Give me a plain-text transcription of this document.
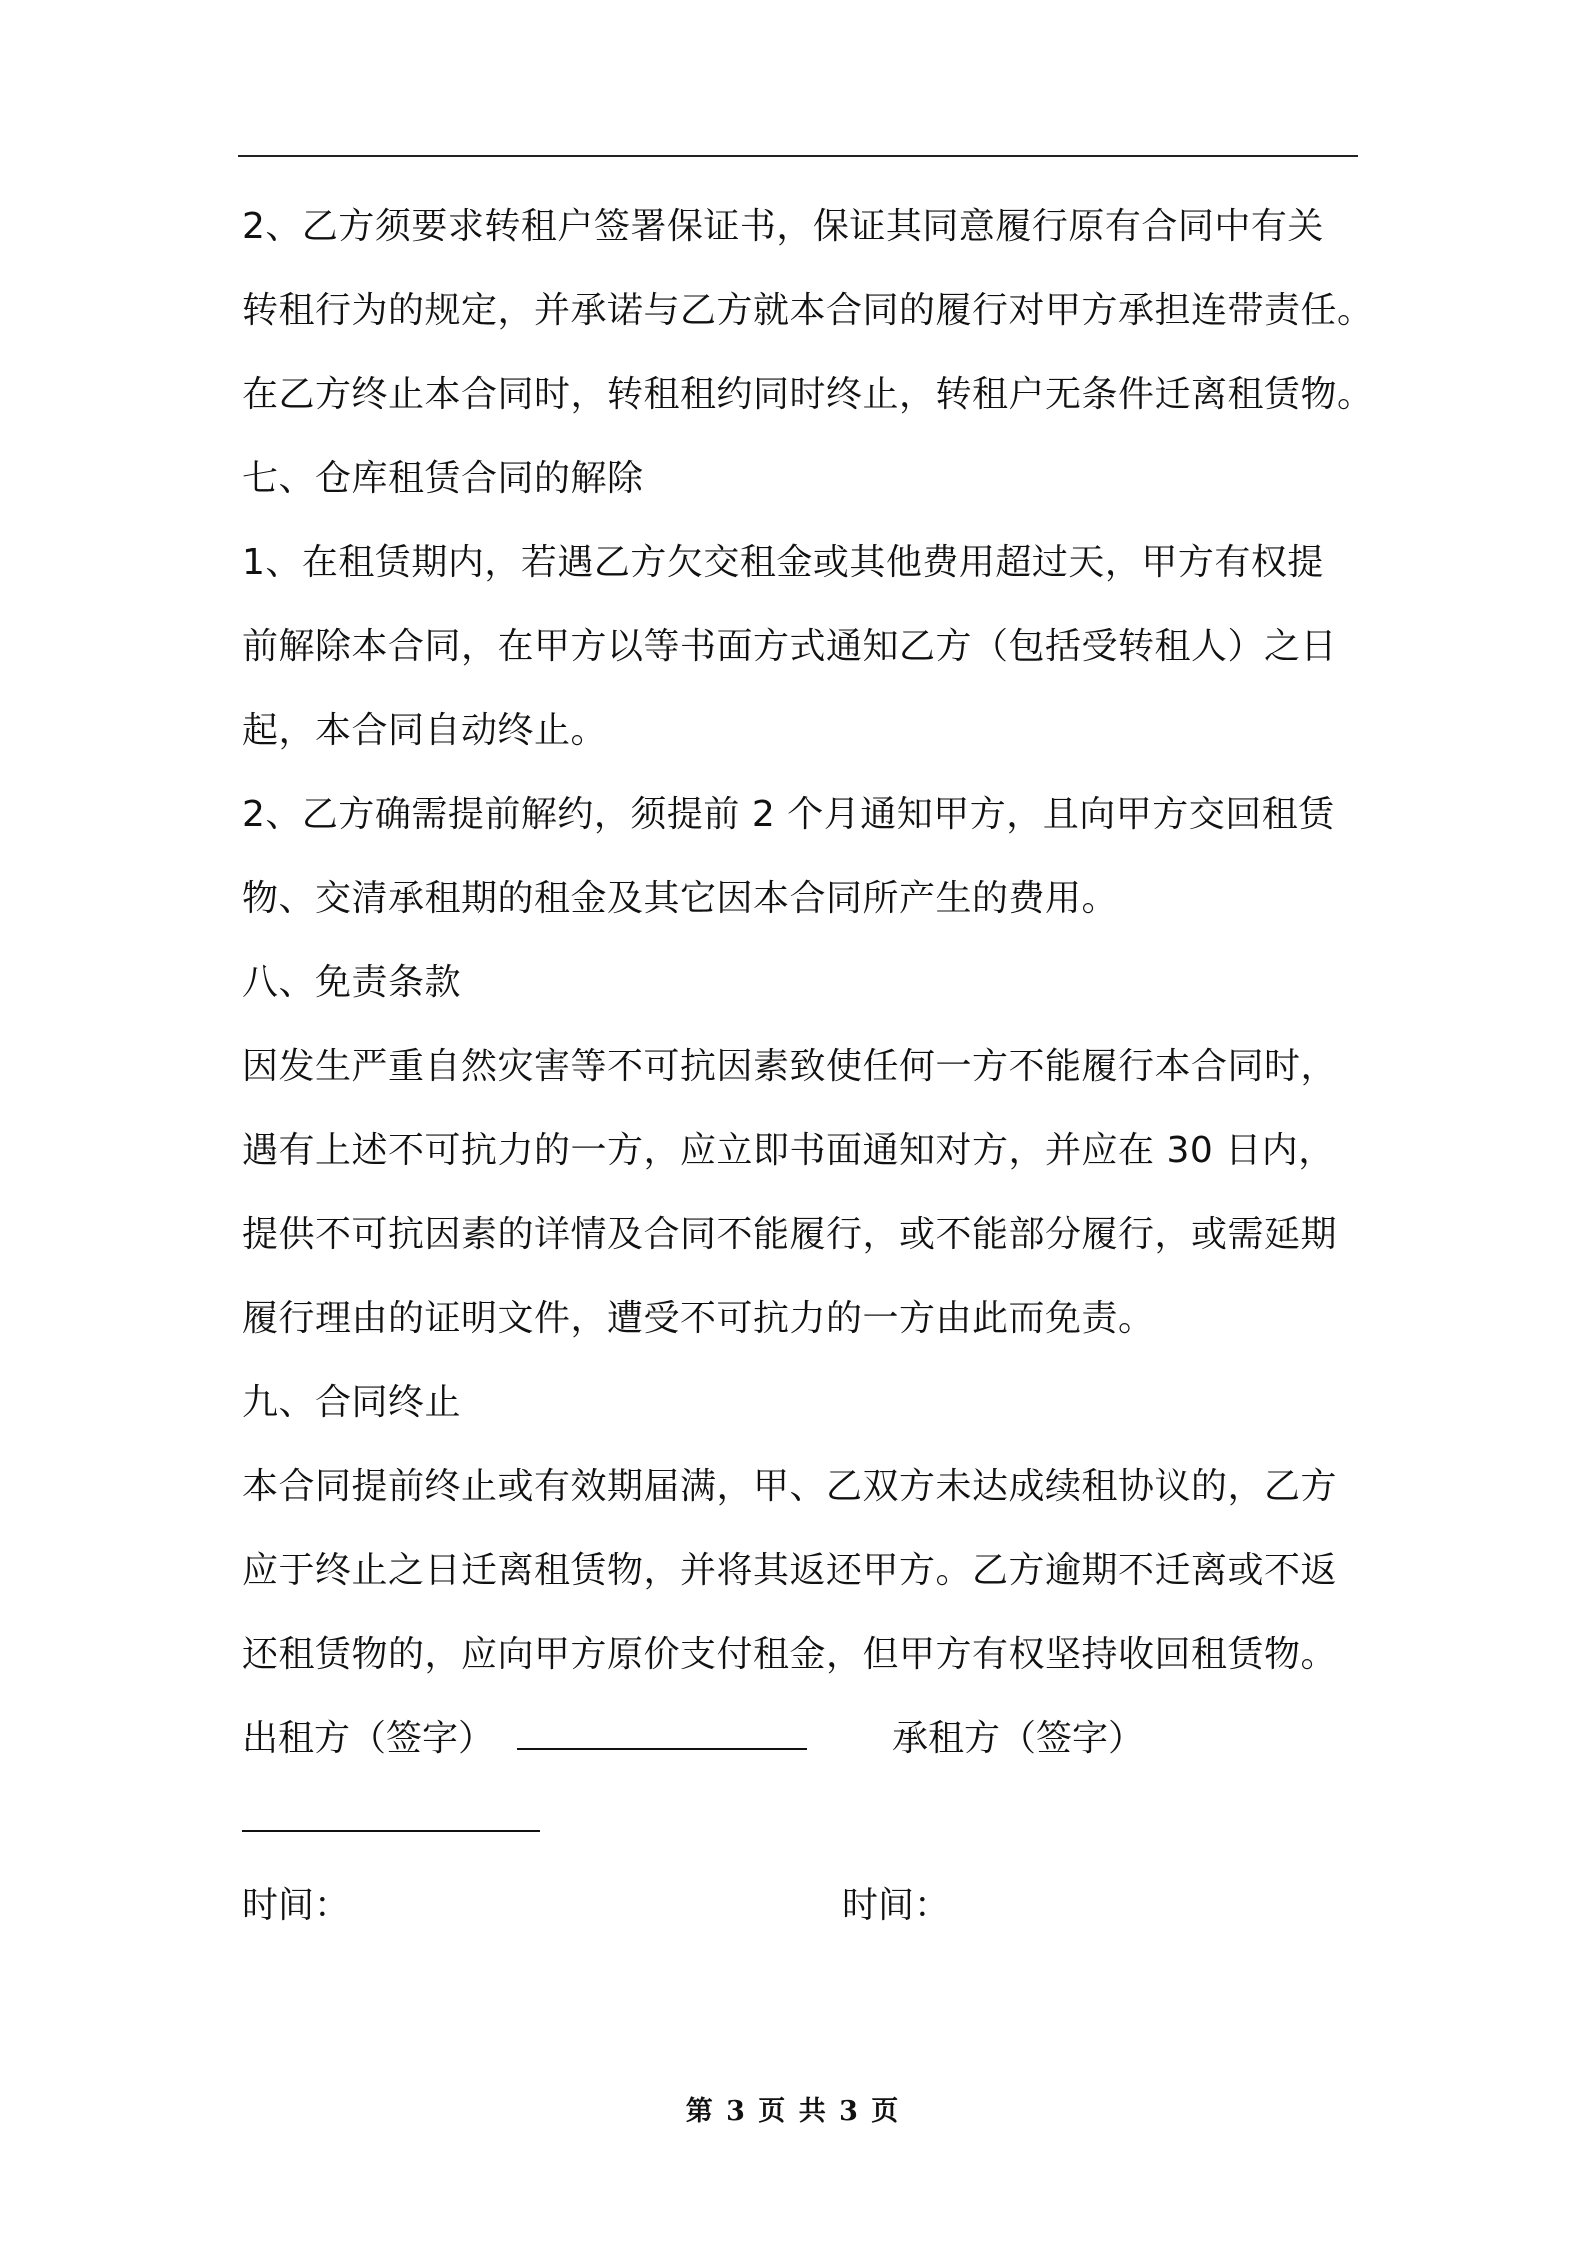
2、乙方须要求转租户签署保证书，保证其同意履行原有合同中有关
转租行为的规定，并承诺与乙方就本合同的履行对甲方承担连带责任。
在乙方终止本合同时，转租租约同时终止，转租户无条件迁离租赁物。
七、仓库租赁合同的解除
1、在租赁期内，若遇乙方欠交租金或其他费用超过天，甲方有权提
前解除本合同，在甲方以等书面方式通知乙方（包括受转租人）之日
起，本合同自动终止。
2、乙方确需提前解约，须提前 2 个月通知甲方，且向甲方交回租赁
物、交清承租期的租金及其它因本合同所产生的费用。
八、免责条款
因发生严重自然灾害等不可抗因素致使任何一方不能履行本合同时，
遇有上述不可抗力的一方，应立即书面通知对方，并应在 30 日内，
提供不可抗因素的详情及合同不能履行，或不能部分履行，或需延期
履行理由的证明文件，遭受不可抗力的一方由此而免责。
九、合同终止
本合同提前终止或有效期届满，甲、乙双方未达成续租协议的，乙方
应于终止之日迁离租赁物，并将其返还甲方。乙方逾期不迁离或不返
还租赁物的，应向甲方原价支付租金，但甲方有权坚持收回租赁物。
出租方（签字）	承租方（签字）
时间：	时间：
第 3 页 共 3 页
